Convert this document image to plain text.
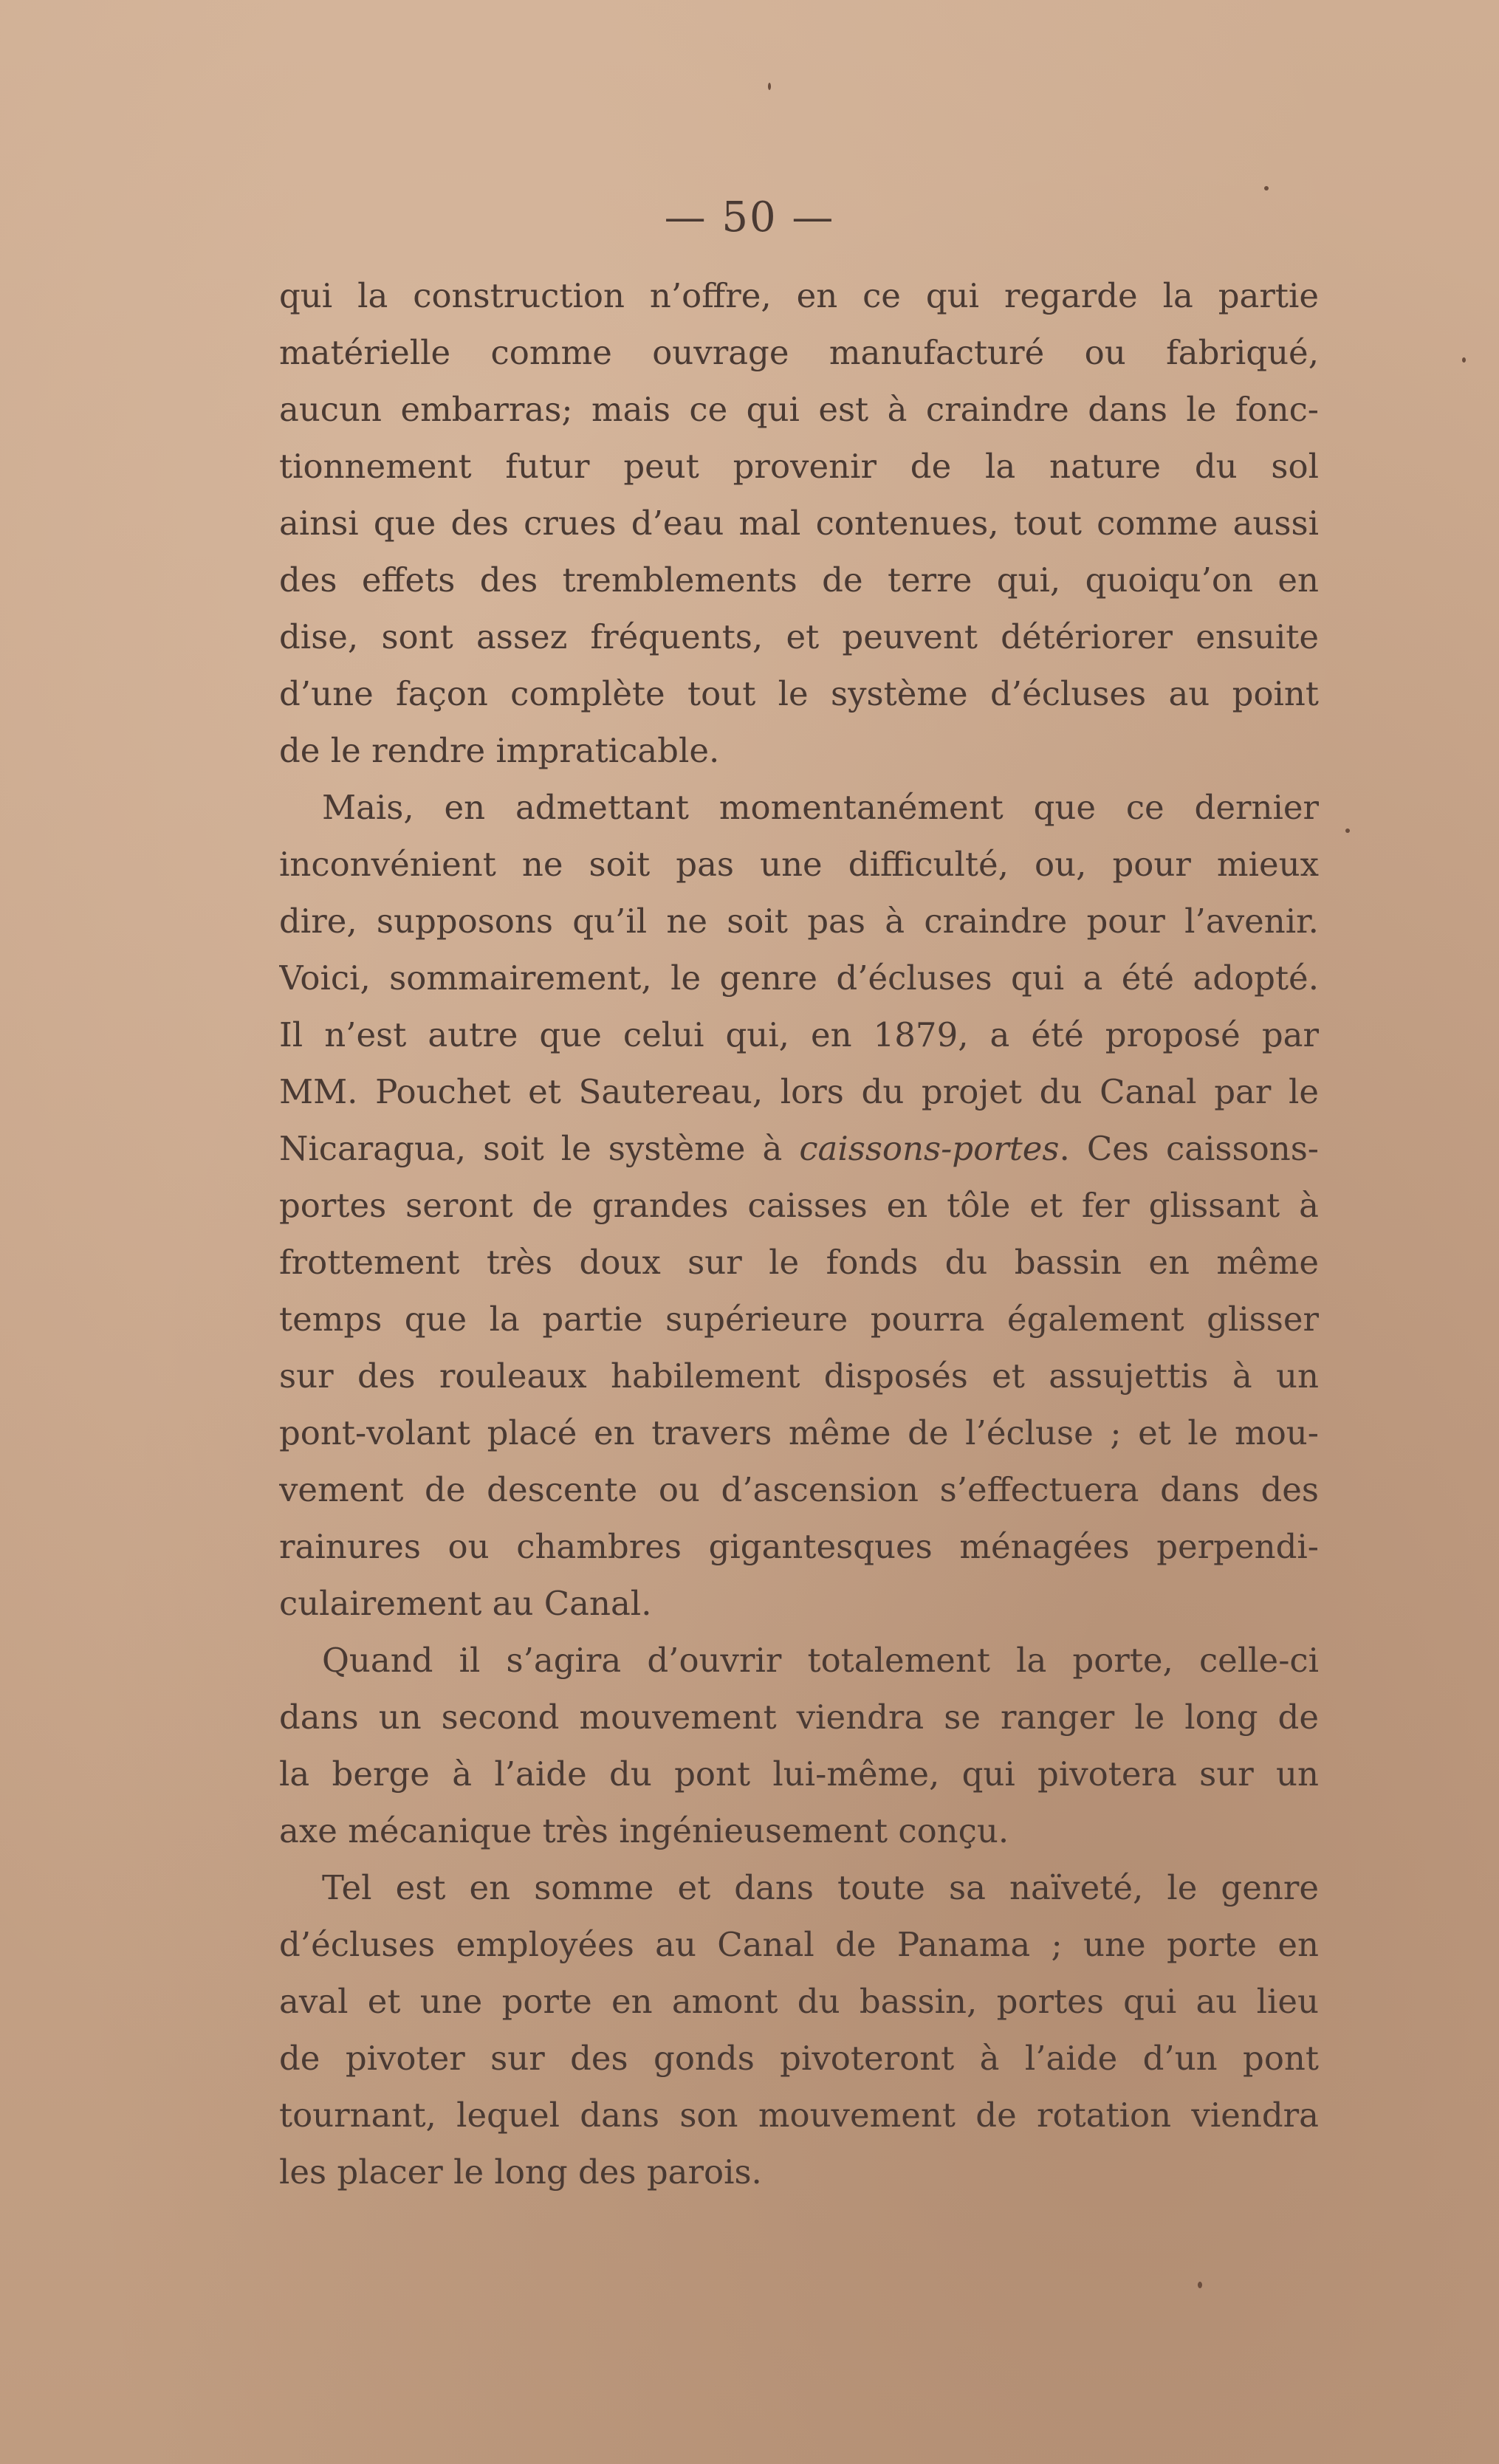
— 50 —
qui la construction n’offre, en ce qui regarde la partie
matérielle comme ouvrage manufacturé ou fabriqué,
aucun embarras; mais ce qui est à craindre dans le fonc-
tionnement futur peut provenir de la nature du sol
ainsi que des crues d’eau mal contenues, tout comme aussi
des effets des tremblements de terre qui, quoiqu’on en
dise, sont assez fréquents, et peuvent détériorer ensuite
d’une façon complète tout le système d’écluses au point
de le rendre impraticable.
Mais, en admettant momentanément que ce dernier
inconvénient ne soit pas une difficulté, ou, pour mieux
dire, supposons qu’il ne soit pas à craindre pour l’avenir.
Voici, sommairement, le genre d’écluses qui a été adopté.
Il n’est autre que celui qui, en 1879, a été proposé par
MM. Pouchet et Sautereau, lors du projet du Canal par le
Nicaragua, soit le système à caissons-portes. Ces caissons-
portes seront de grandes caisses en tôle et fer glissant à
frottement très doux sur le fonds du bassin en même
temps que la partie supérieure pourra également glisser
sur des rouleaux habilement disposés et assujettis à un
pont-volant placé en travers même de l’écluse ; et le mou-
vement de descente ou d’ascension s’effectuera dans des
rainures ou chambres gigantesques ménagées perpendi-
culairement au Canal.
Quand il s’agira d’ouvrir totalement la porte, celle-ci
dans un second mouvement viendra se ranger le long de
la berge à l’aide du pont lui-même, qui pivotera sur un
axe mécanique très ingénieusement conçu.
Tel est en somme et dans toute sa naïveté, le genre
d’écluses employées au Canal de Panama ; une porte en
aval et une porte en amont du bassin, portes qui au lieu
de pivoter sur des gonds pivoteront à l’aide d’un pont
tournant, lequel dans son mouvement de rotation viendra
les placer le long des parois.
